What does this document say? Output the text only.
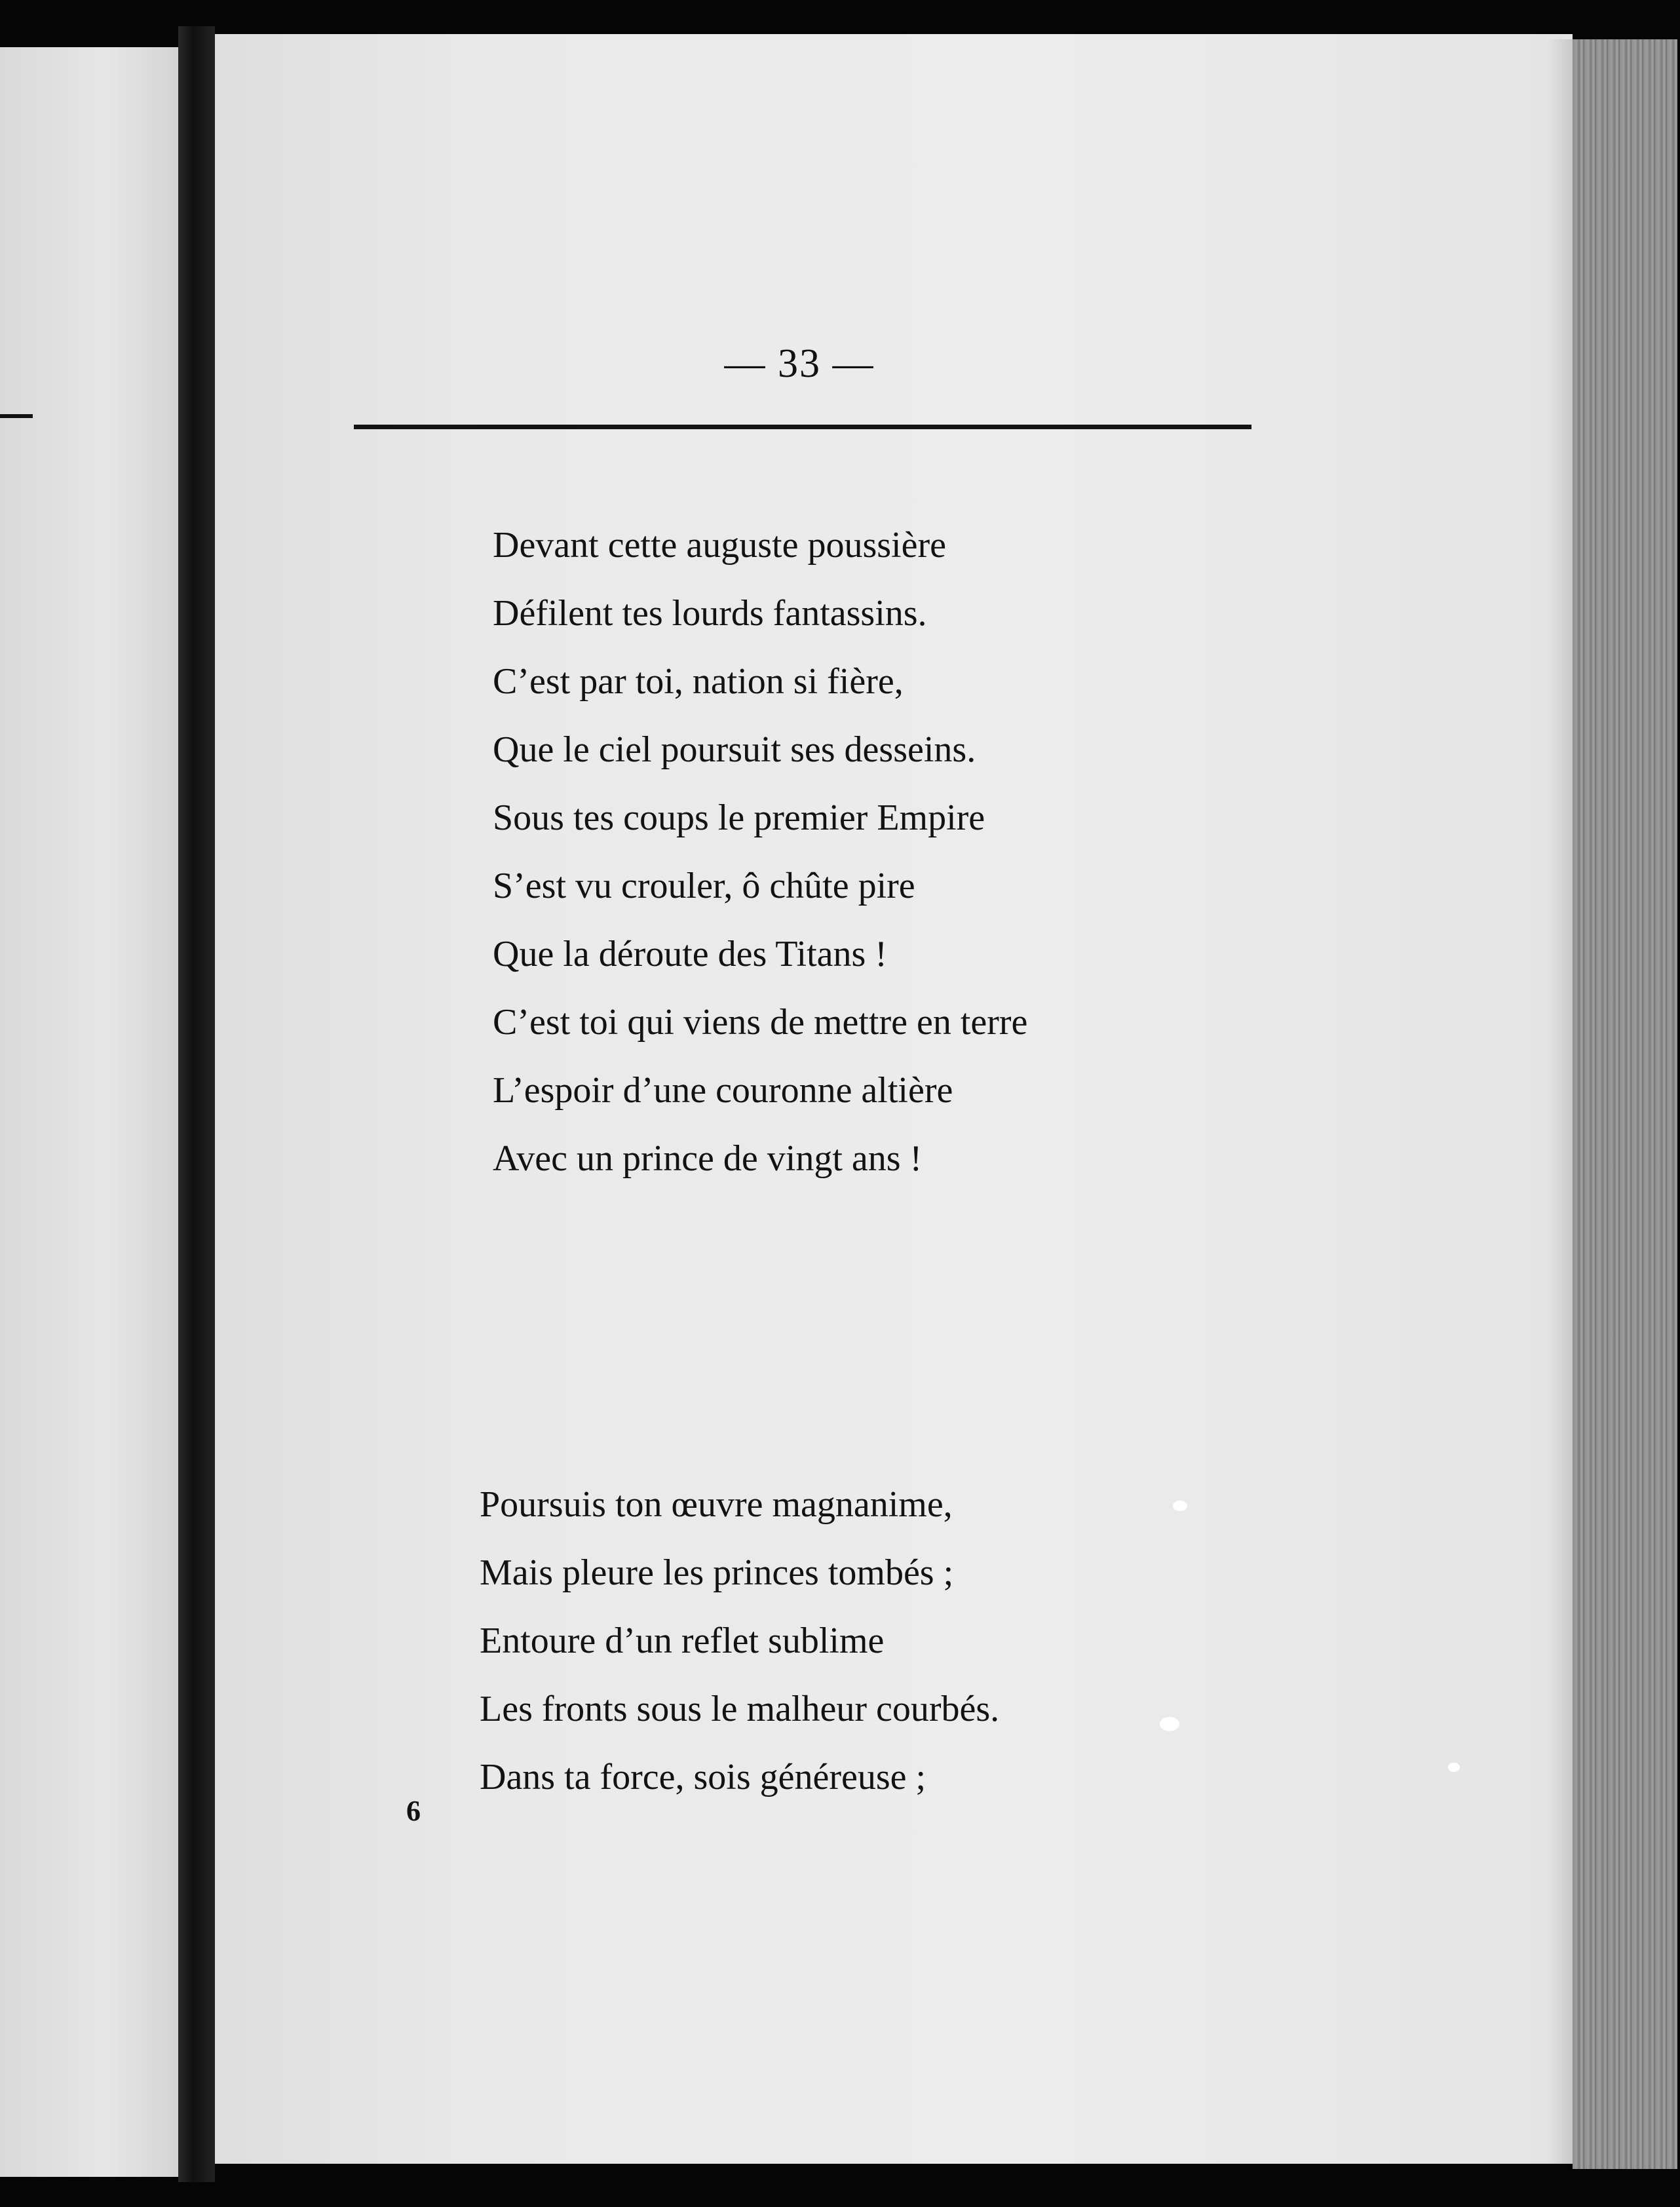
— 33 —
Devant cette auguste poussière
Défilent tes lourds fantassins.
C’est par toi, nation si fière,
Que le ciel poursuit ses desseins.
Sous tes coups le premier Empire
S’est vu crouler, ô chûte pire
Que la déroute des Titans !
C’est toi qui viens de mettre en terre
L’espoir d’une couronne altière
Avec un prince de vingt ans !
Poursuis ton œuvre magnanime,
Mais pleure les princes tombés ;
Entoure d’un reflet sublime
Les fronts sous le malheur courbés.
Dans ta force, sois généreuse ;
6
